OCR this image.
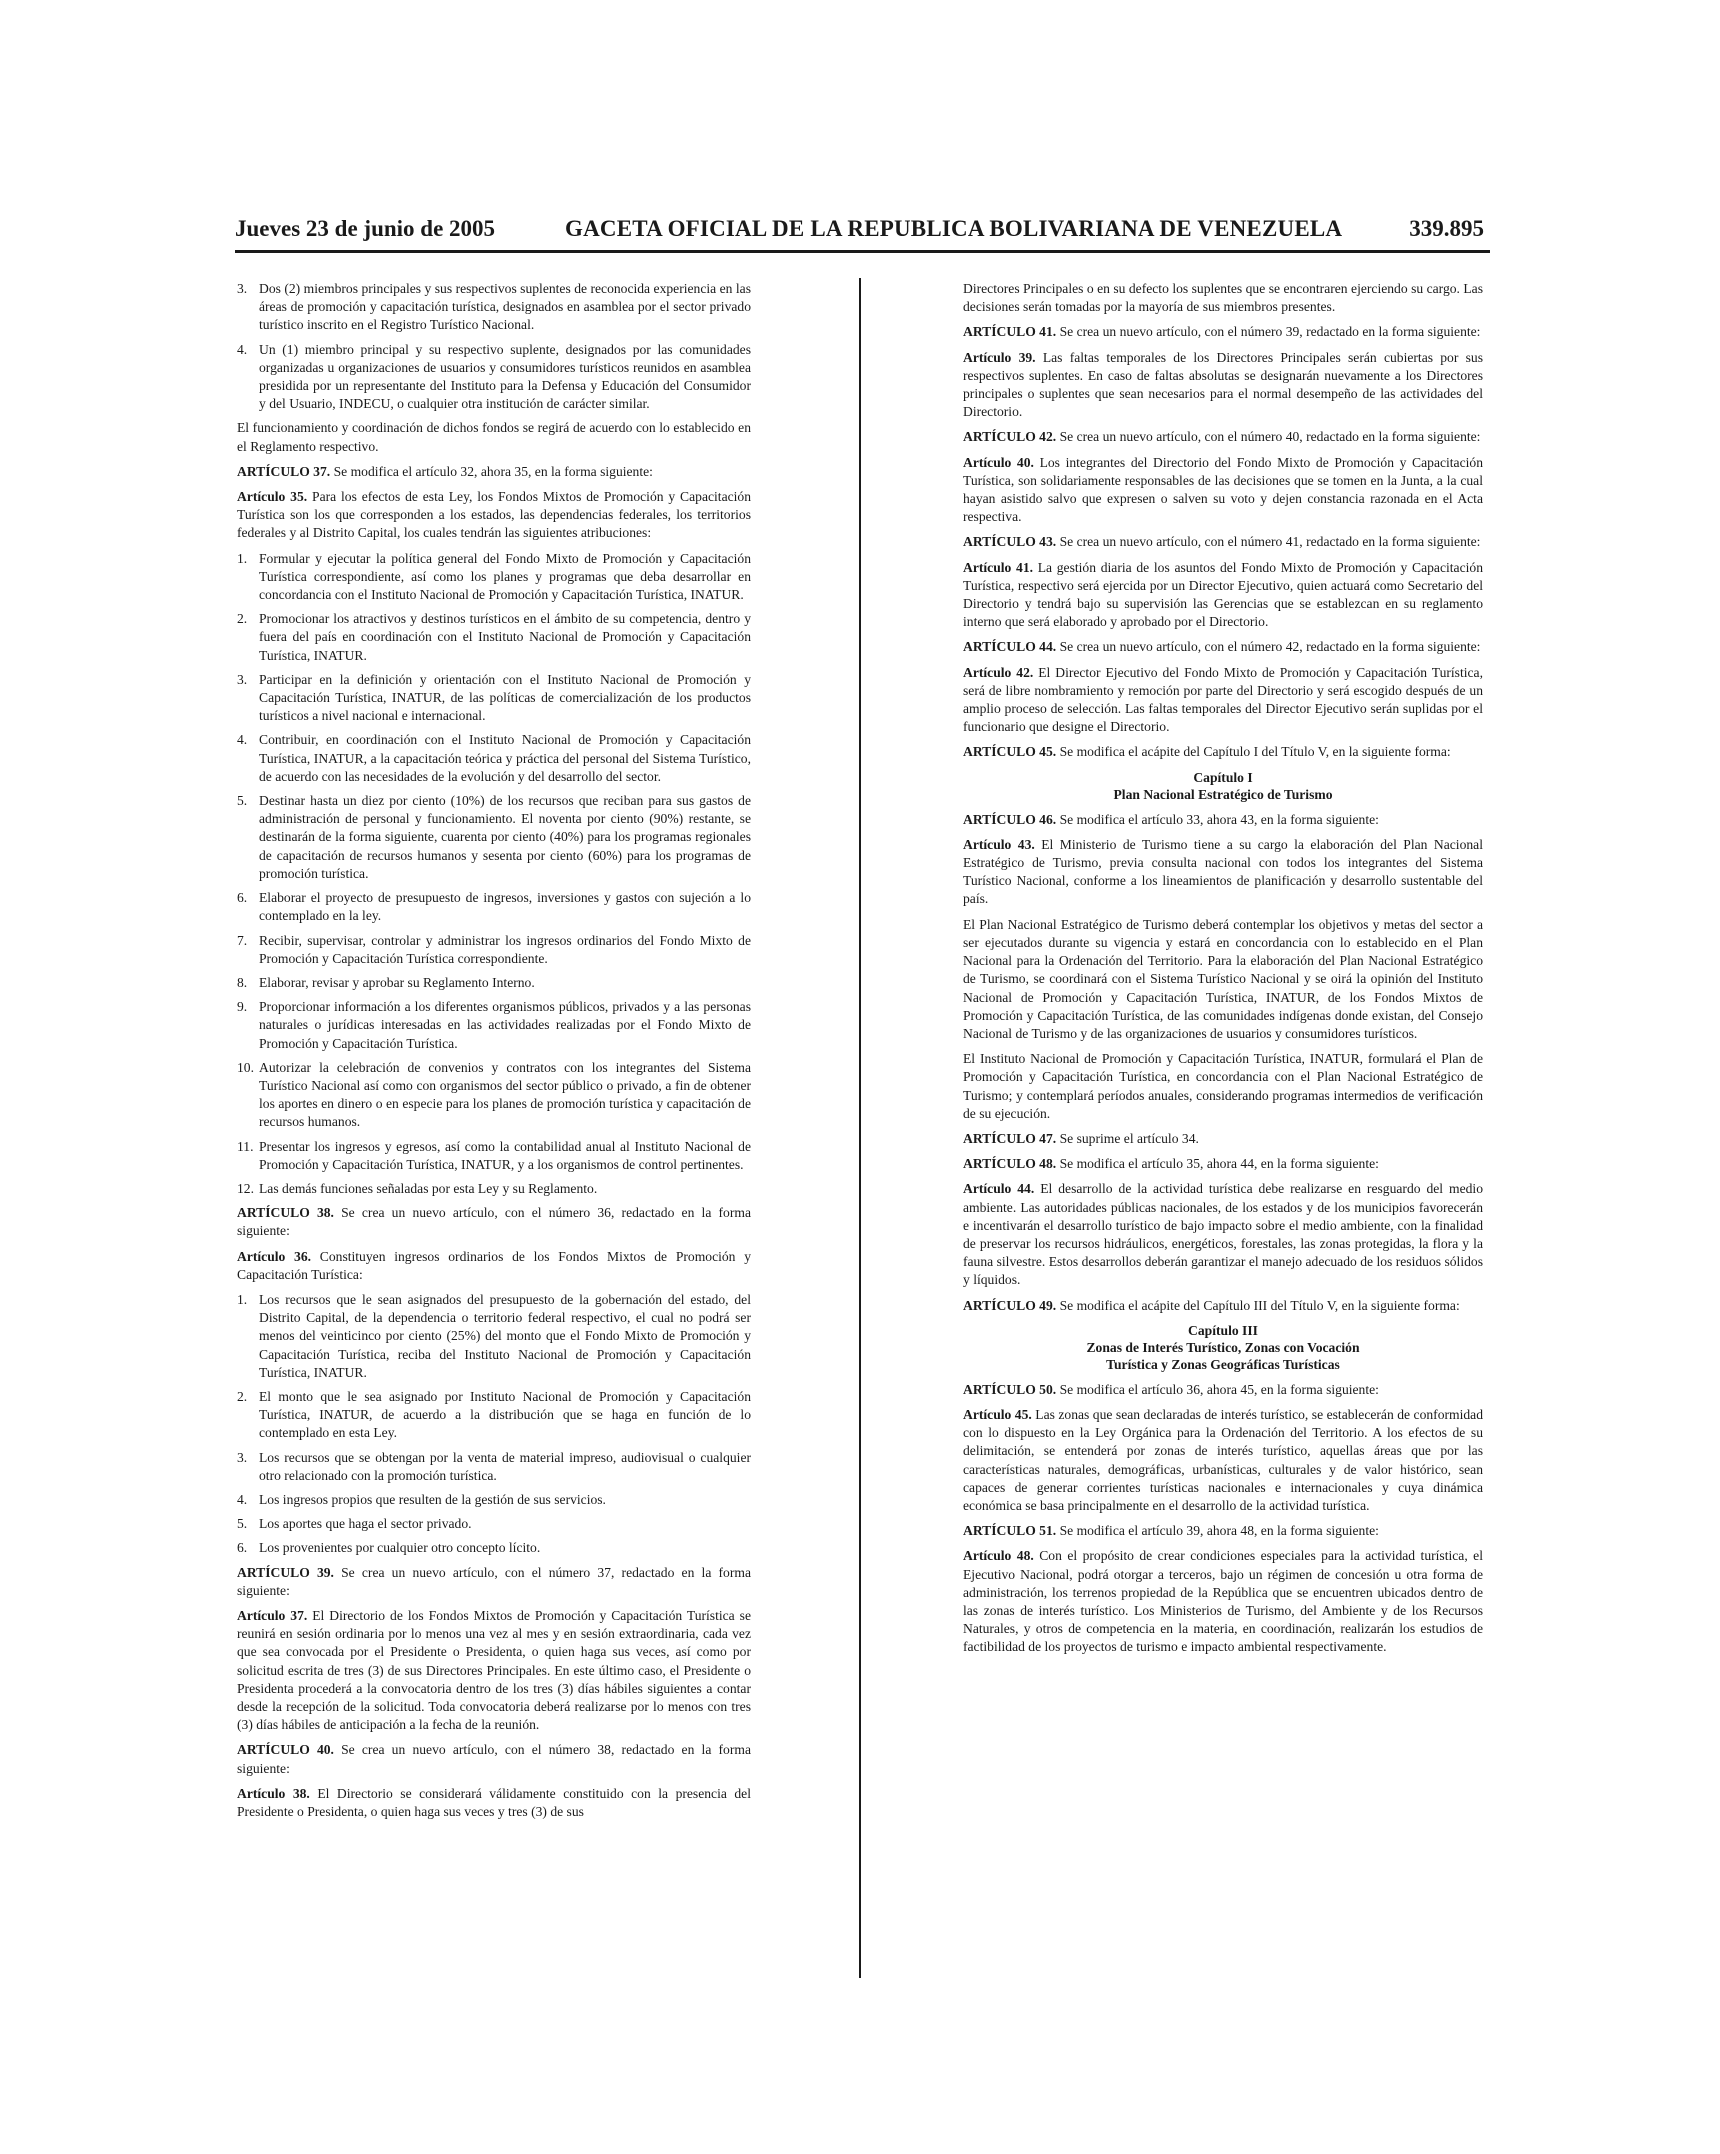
Jueves 23 de junio de 2005	GACETA OFICIAL DE LA REPUBLICA BOLIVARIANA DE VENEZUELA	339.895
3. Dos (2) miembros principales y sus respectivos suplentes de reconocida experiencia en las áreas de promoción y capacitación turística, designados en asamblea por el sector privado turístico inscrito en el Registro Turístico Nacional.
4. Un (1) miembro principal y su respectivo suplente, designados por las comunidades organizadas u organizaciones de usuarios y consumidores turísticos reunidos en asamblea presidida por un representante del Instituto para la Defensa y Educación del Consumidor y del Usuario, INDECU, o cualquier otra institución de carácter similar.

El funcionamiento y coordinación de dichos fondos se regirá de acuerdo con lo establecido en el Reglamento respectivo.

ARTÍCULO 37. Se modifica el artículo 32, ahora 35, en la forma siguiente:

Artículo 35. Para los efectos de esta Ley, los Fondos Mixtos de Promoción y Capacitación Turística son los que corresponden a los estados, las dependencias federales, los territorios federales y al Distrito Capital, los cuales tendrán las siguientes atribuciones:

1. Formular y ejecutar la política general del Fondo Mixto de Promoción y Capacitación Turística correspondiente, así como los planes y programas que deba desarrollar en concordancia con el Instituto Nacional de Promoción y Capacitación Turística, INATUR.
2. Promocionar los atractivos y destinos turísticos en el ámbito de su competencia, dentro y fuera del país en coordinación con el Instituto Nacional de Promoción y Capacitación Turística, INATUR.
3. Participar en la definición y orientación con el Instituto Nacional de Promoción y Capacitación Turística, INATUR, de las políticas de comercialización de los productos turísticos a nivel nacional e internacional.
4. Contribuir, en coordinación con el Instituto Nacional de Promoción y Capacitación Turística, INATUR, a la capacitación teórica y práctica del personal del Sistema Turístico, de acuerdo con las necesidades de la evolución y del desarrollo del sector.
5. Destinar hasta un diez por ciento (10%) de los recursos que reciban para sus gastos de administración de personal y funcionamiento. El noventa por ciento (90%) restante, se destinarán de la forma siguiente, cuarenta por ciento (40%) para los programas regionales de capacitación de recursos humanos y sesenta por ciento (60%) para los programas de promoción turística.
6. Elaborar el proyecto de presupuesto de ingresos, inversiones y gastos con sujeción a lo contemplado en la ley.
7. Recibir, supervisar, controlar y administrar los ingresos ordinarios del Fondo Mixto de Promoción y Capacitación Turística correspondiente.
8. Elaborar, revisar y aprobar su Reglamento Interno.
9. Proporcionar información a los diferentes organismos públicos, privados y a las personas naturales o jurídicas interesadas en las actividades realizadas por el Fondo Mixto de Promoción y Capacitación Turística.
10. Autorizar la celebración de convenios y contratos con los integrantes del Sistema Turístico Nacional así como con organismos del sector público o privado, a fin de obtener los aportes en dinero o en especie para los planes de promoción turística y capacitación de recursos humanos.
11. Presentar los ingresos y egresos, así como la contabilidad anual al Instituto Nacional de Promoción y Capacitación Turística, INATUR, y a los organismos de control pertinentes.
12. Las demás funciones señaladas por esta Ley y su Reglamento.

ARTÍCULO 38. Se crea un nuevo artículo, con el número 36, redactado en la forma siguiente:

Artículo 36. Constituyen ingresos ordinarios de los Fondos Mixtos de Promoción y Capacitación Turística:

1. Los recursos que le sean asignados del presupuesto de la gobernación del estado, del Distrito Capital, de la dependencia o territorio federal respectivo, el cual no podrá ser menos del veinticinco por ciento (25%) del monto que el Fondo Mixto de Promoción y Capacitación Turística, reciba del Instituto Nacional de Promoción y Capacitación Turística, INATUR.
2. El monto que le sea asignado por Instituto Nacional de Promoción y Capacitación Turística, INATUR, de acuerdo a la distribución que se haga en función de lo contemplado en esta Ley.
3. Los recursos que se obtengan por la venta de material impreso, audiovisual o cualquier otro relacionado con la promoción turística.
4. Los ingresos propios que resulten de la gestión de sus servicios.
5. Los aportes que haga el sector privado.
6. Los provenientes por cualquier otro concepto lícito.

ARTÍCULO 39. Se crea un nuevo artículo, con el número 37, redactado en la forma siguiente:

Artículo 37. El Directorio de los Fondos Mixtos de Promoción y Capacitación Turística se reunirá en sesión ordinaria por lo menos una vez al mes y en sesión extraordinaria, cada vez que sea convocada por el Presidente o Presidenta, o quien haga sus veces, así como por solicitud escrita de tres (3) de sus Directores Principales. En este último caso, el Presidente o Presidenta procederá a la convocatoria dentro de los tres (3) días hábiles siguientes a contar desde la recepción de la solicitud. Toda convocatoria deberá realizarse por lo menos con tres (3) días hábiles de anticipación a la fecha de la reunión.

ARTÍCULO 40. Se crea un nuevo artículo, con el número 38, redactado en la forma siguiente:

Artículo 38. El Directorio se considerará válidamente constituido con la presencia del Presidente o Presidenta, o quien haga sus veces y tres (3) de sus

Directores Principales o en su defecto los suplentes que se encontraren ejerciendo su cargo. Las decisiones serán tomadas por la mayoría de sus miembros presentes.

ARTÍCULO 41. Se crea un nuevo artículo, con el número 39, redactado en la forma siguiente:

Artículo 39. Las faltas temporales de los Directores Principales serán cubiertas por sus respectivos suplentes. En caso de faltas absolutas se designarán nuevamente a los Directores principales o suplentes que sean necesarios para el normal desempeño de las actividades del Directorio.

ARTÍCULO 42. Se crea un nuevo artículo, con el número 40, redactado en la forma siguiente:

Artículo 40. Los integrantes del Directorio del Fondo Mixto de Promoción y Capacitación Turística, son solidariamente responsables de las decisiones que se tomen en la Junta, a la cual hayan asistido salvo que expresen o salven su voto y dejen constancia razonada en el Acta respectiva.

ARTÍCULO 43. Se crea un nuevo artículo, con el número 41, redactado en la forma siguiente:

Artículo 41. La gestión diaria de los asuntos del Fondo Mixto de Promoción y Capacitación Turística, respectivo será ejercida por un Director Ejecutivo, quien actuará como Secretario del Directorio y tendrá bajo su supervisión las Gerencias que se establezcan en su reglamento interno que será elaborado y aprobado por el Directorio.

ARTÍCULO 44. Se crea un nuevo artículo, con el número 42, redactado en la forma siguiente:

Artículo 42. El Director Ejecutivo del Fondo Mixto de Promoción y Capacitación Turística, será de libre nombramiento y remoción por parte del Directorio y será escogido después de un amplio proceso de selección. Las faltas temporales del Director Ejecutivo serán suplidas por el funcionario que designe el Directorio.

ARTÍCULO 45. Se modifica el acápite del Capítulo I del Título V, en la siguiente forma:

Capítulo I
Plan Nacional Estratégico de Turismo

ARTÍCULO 46. Se modifica el artículo 33, ahora 43, en la forma siguiente:

Artículo 43. El Ministerio de Turismo tiene a su cargo la elaboración del Plan Nacional Estratégico de Turismo, previa consulta nacional con todos los integrantes del Sistema Turístico Nacional, conforme a los lineamientos de planificación y desarrollo sustentable del país.

El Plan Nacional Estratégico de Turismo deberá contemplar los objetivos y metas del sector a ser ejecutados durante su vigencia y estará en concordancia con lo establecido en el Plan Nacional para la Ordenación del Territorio. Para la elaboración del Plan Nacional Estratégico de Turismo, se coordinará con el Sistema Turístico Nacional y se oirá la opinión del Instituto Nacional de Promoción y Capacitación Turística, INATUR, de los Fondos Mixtos de Promoción y Capacitación Turística, de las comunidades indígenas donde existan, del Consejo Nacional de Turismo y de las organizaciones de usuarios y consumidores turísticos.

El Instituto Nacional de Promoción y Capacitación Turística, INATUR, formulará el Plan de Promoción y Capacitación Turística, en concordancia con el Plan Nacional Estratégico de Turismo; y contemplará períodos anuales, considerando programas intermedios de verificación de su ejecución.

ARTÍCULO 47. Se suprime el artículo 34.

ARTÍCULO 48. Se modifica el artículo 35, ahora 44, en la forma siguiente:

Artículo 44. El desarrollo de la actividad turística debe realizarse en resguardo del medio ambiente. Las autoridades públicas nacionales, de los estados y de los municipios favorecerán e incentivarán el desarrollo turístico de bajo impacto sobre el medio ambiente, con la finalidad de preservar los recursos hidráulicos, energéticos, forestales, las zonas protegidas, la flora y la fauna silvestre. Estos desarrollos deberán garantizar el manejo adecuado de los residuos sólidos y líquidos.

ARTÍCULO 49. Se modifica el acápite del Capítulo III del Título V, en la siguiente forma:

Capítulo III
Zonas de Interés Turístico, Zonas con Vocación
Turística y Zonas Geográficas Turísticas

ARTÍCULO 50. Se modifica el artículo 36, ahora 45, en la forma siguiente:

Artículo 45. Las zonas que sean declaradas de interés turístico, se establecerán de conformidad con lo dispuesto en la Ley Orgánica para la Ordenación del Territorio. A los efectos de su delimitación, se entenderá por zonas de interés turístico, aquellas áreas que por las características naturales, demográficas, urbanísticas, culturales y de valor histórico, sean capaces de generar corrientes turísticas nacionales e internacionales y cuya dinámica económica se basa principalmente en el desarrollo de la actividad turística.

ARTÍCULO 51. Se modifica el artículo 39, ahora 48, en la forma siguiente:

Artículo 48. Con el propósito de crear condiciones especiales para la actividad turística, el Ejecutivo Nacional, podrá otorgar a terceros, bajo un régimen de concesión u otra forma de administración, los terrenos propiedad de la República que se encuentren ubicados dentro de las zonas de interés turístico. Los Ministerios de Turismo, del Ambiente y de los Recursos Naturales, y otros de competencia en la materia, en coordinación, realizarán los estudios de factibilidad de los proyectos de turismo e impacto ambiental respectivamente.
